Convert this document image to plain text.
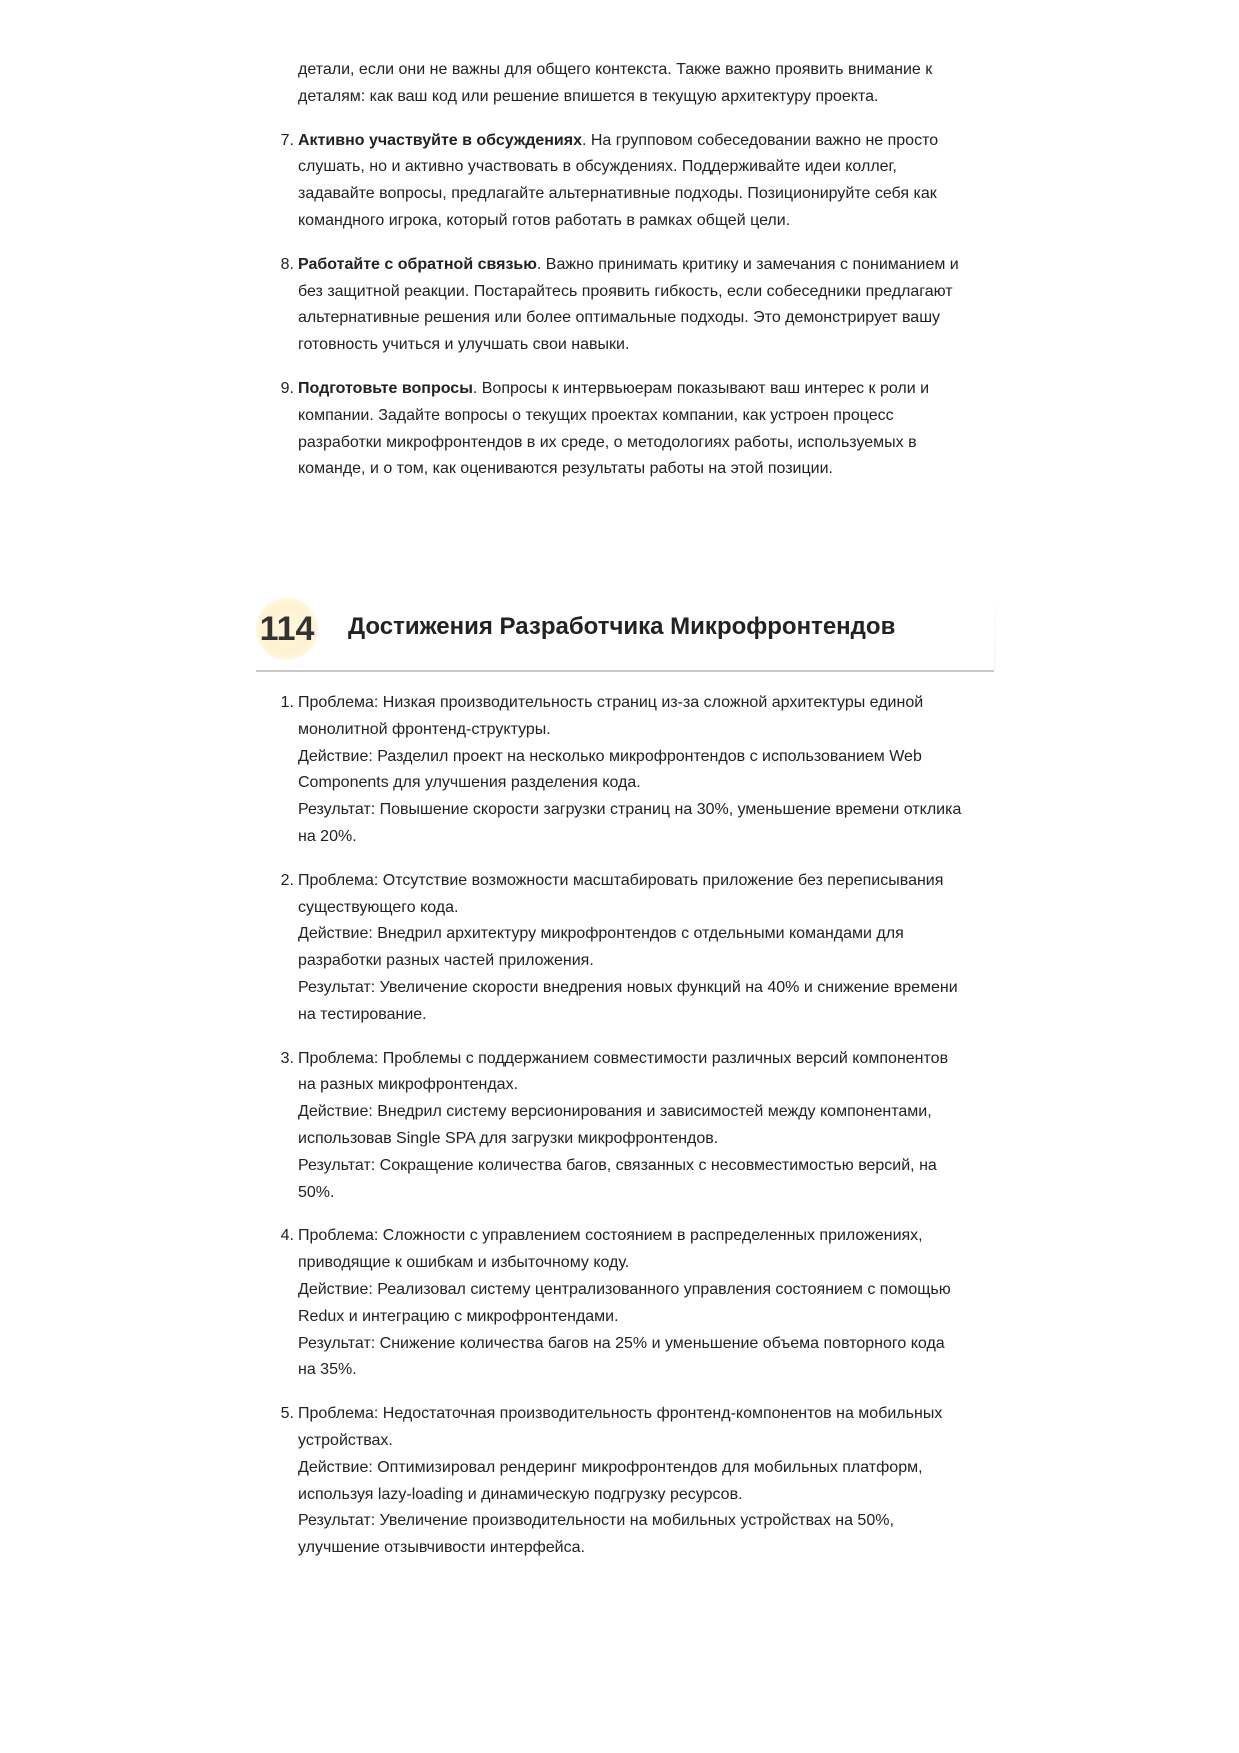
детали, если они не важны для общего контекста. Также важно проявить внимание к
деталям: как ваш код или решение впишется в текущую архитектуру проекта.
7. Активно участвуйте в обсуждениях. На групповом собеседовании важно не просто
слушать, но и активно участвовать в обсуждениях. Поддерживайте идеи коллег,
задавайте вопросы, предлагайте альтернативные подходы. Позиционируйте себя как
командного игрока, который готов работать в рамках общей цели.
8. Работайте с обратной связью. Важно принимать критику и замечания с пониманием и
без защитной реакции. Постарайтесь проявить гибкость, если собеседники предлагают
альтернативные решения или более оптимальные подходы. Это демонстрирует вашу
готовность учиться и улучшать свои навыки.
9. Подготовьте вопросы. Вопросы к интервьюерам показывают ваш интерес к роли и
компании. Задайте вопросы о текущих проектах компании, как устроен процесс
разработки микрофронтендов в их среде, о методологиях работы, используемых в
команде, и о том, как оцениваются результаты работы на этой позиции.
114 Достижения Разработчика Микрофронтендов
1. Проблема: Низкая производительность страниц из-за сложной архитектуры единой
монолитной фронтенд-структуры.
Действие: Разделил проект на несколько микрофронтендов с использованием Web
Components для улучшения разделения кода.
Результат: Повышение скорости загрузки страниц на 30%, уменьшение времени отклика
на 20%.
2. Проблема: Отсутствие возможности масштабировать приложение без переписывания
существующего кода.
Действие: Внедрил архитектуру микрофронтендов с отдельными командами для
разработки разных частей приложения.
Результат: Увеличение скорости внедрения новых функций на 40% и снижение времени
на тестирование.
3. Проблема: Проблемы с поддержанием совместимости различных версий компонентов
на разных микрофронтендах.
Действие: Внедрил систему версионирования и зависимостей между компонентами,
использовав Single SPA для загрузки микрофронтендов.
Результат: Сокращение количества багов, связанных с несовместимостью версий, на
50%.
4. Проблема: Сложности с управлением состоянием в распределенных приложениях,
приводящие к ошибкам и избыточному коду.
Действие: Реализовал систему централизованного управления состоянием с помощью
Redux и интеграцию с микрофронтендами.
Результат: Снижение количества багов на 25% и уменьшение объема повторного кода
на 35%.
5. Проблема: Недостаточная производительность фронтенд-компонентов на мобильных
устройствах.
Действие: Оптимизировал рендеринг микрофронтендов для мобильных платформ,
используя lazy-loading и динамическую подгрузку ресурсов.
Результат: Увеличение производительности на мобильных устройствах на 50%,
улучшение отзывчивости интерфейса.
